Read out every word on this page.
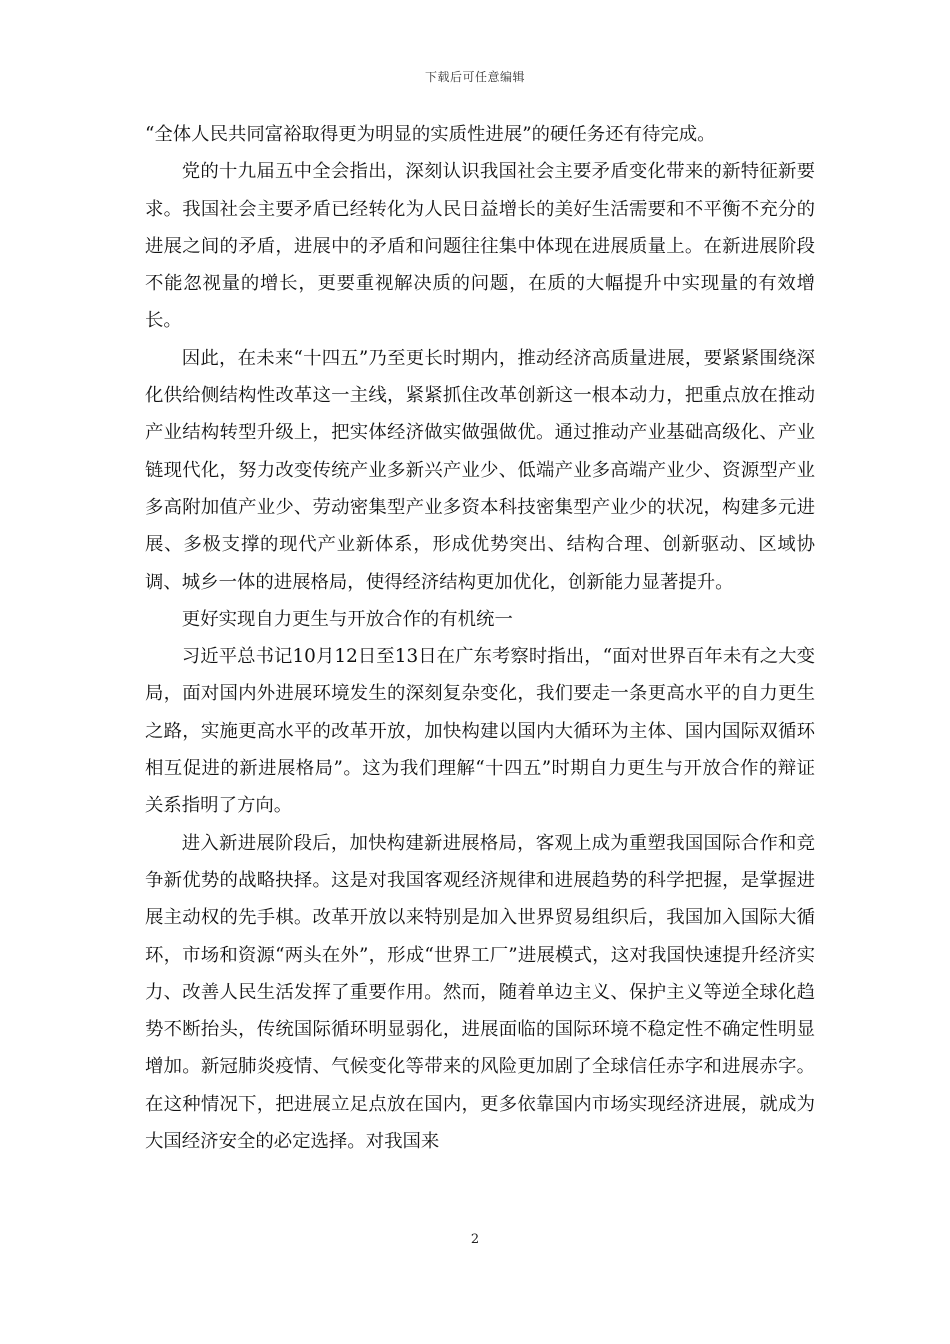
下载后可任意编辑

“全体人民共同富裕取得更为明显的实质性进展”的硬任务还有待完成。

党的十九届五中全会指出，深刻认识我国社会主要矛盾变化带来的新特征新要求。我国社会主要矛盾已经转化为人民日益增长的美好生活需要和不平衡不充分的进展之间的矛盾，进展中的矛盾和问题往往集中体现在进展质量上。在新进展阶段不能忽视量的增长，更要重视解决质的问题，在质的大幅提升中实现量的有效增长。

因此，在未来“十四五”乃至更长时期内，推动经济高质量进展，要紧紧围绕深化供给侧结构性改革这一主线，紧紧抓住改革创新这一根本动力，把重点放在推动产业结构转型升级上，把实体经济做实做强做优。通过推动产业基础高级化、产业链现代化，努力改变传统产业多新兴产业少、低端产业多高端产业少、资源型产业多高附加值产业少、劳动密集型产业多资本科技密集型产业少的状况，构建多元进展、多极支撑的现代产业新体系，形成优势突出、结构合理、创新驱动、区域协调、城乡一体的进展格局，使得经济结构更加优化，创新能力显著提升。

更好实现自力更生与开放合作的有机统一

习近平总书记10月12日至13日在广东考察时指出，“面对世界百年未有之大变局，面对国内外进展环境发生的深刻复杂变化，我们要走一条更高水平的自力更生之路，实施更高水平的改革开放，加快构建以国内大循环为主体、国内国际双循环相互促进的新进展格局”。这为我们理解“十四五”时期自力更生与开放合作的辩证关系指明了方向。

进入新进展阶段后，加快构建新进展格局，客观上成为重塑我国国际合作和竞争新优势的战略抉择。这是对我国客观经济规律和进展趋势的科学把握，是掌握进展主动权的先手棋。改革开放以来特别是加入世界贸易组织后，我国加入国际大循环，市场和资源“两头在外”，形成“世界工厂”进展模式，这对我国快速提升经济实力、改善人民生活发挥了重要作用。然而，随着单边主义、保护主义等逆全球化趋势不断抬头，传统国际循环明显弱化，进展面临的国际环境不稳定性不确定性明显增加。新冠肺炎疫情、气候变化等带来的风险更加剧了全球信任赤字和进展赤字。在这种情况下，把进展立足点放在国内，更多依靠国内市场实现经济进展，就成为大国经济安全的必定选择。对我国来

2
